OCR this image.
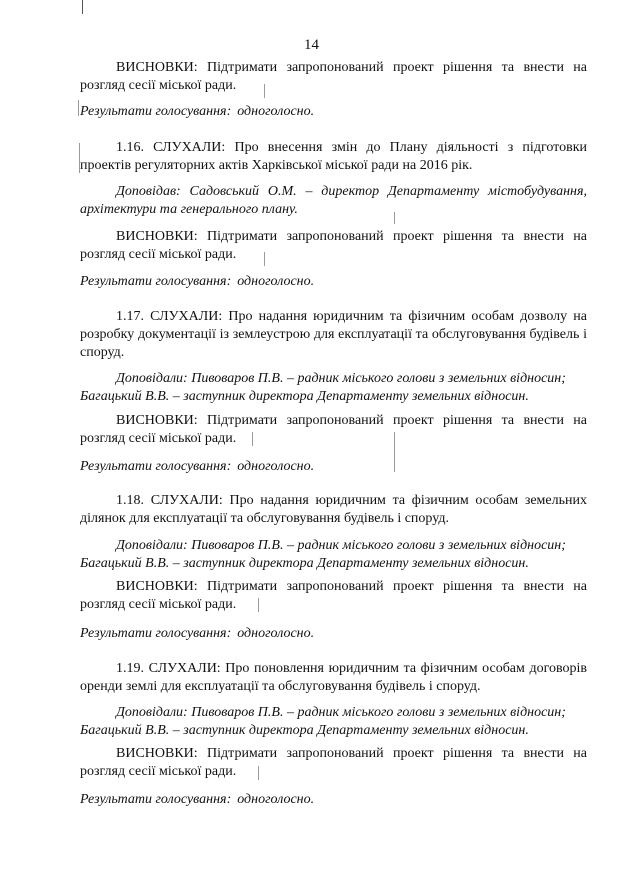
14

ВИСНОВКИ: Підтримати запропонований проект рішення та внести на розгляд сесії міської ради.

Результати голосування: одноголосно.

1.16. СЛУХАЛИ: Про внесення змін до Плану діяльності з підготовки проектів регуляторних актів Харківської міської ради на 2016 рік.

Доповідав: Садовський О.М. – директор Департаменту містобудування, архітектури та генерального плану.

ВИСНОВКИ: Підтримати запропонований проект рішення та внести на розгляд сесії міської ради.

Результати голосування: одноголосно.

1.17. СЛУХАЛИ: Про надання юридичним та фізичним особам дозволу на розробку документації із землеустрою для експлуатації та обслуговування будівель і споруд.

Доповідали: Пивоваров П.В. – радник міського голови з земельних відносин;

Багацький В.В. – заступник директора Департаменту земельних відносин.

ВИСНОВКИ: Підтримати запропонований проект рішення та внести на розгляд сесії міської ради.

Результати голосування: одноголосно.

1.18. СЛУХАЛИ: Про надання юридичним та фізичним особам земельних ділянок для експлуатації та обслуговування будівель і споруд.

Доповідали: Пивоваров П.В. – радник міського голови з земельних відносин;

Багацький В.В. – заступник директора Департаменту земельних відносин.

ВИСНОВКИ: Підтримати запропонований проект рішення та внести на розгляд сесії міської ради.

Результати голосування: одноголосно.

1.19. СЛУХАЛИ: Про поновлення юридичним та фізичним особам договорів оренди землі для експлуатації та обслуговування будівель і споруд.

Доповідали: Пивоваров П.В. – радник міського голови з земельних відносин;

Багацький В.В. – заступник директора Департаменту земельних відносин.

ВИСНОВКИ: Підтримати запропонований проект рішення та внести на розгляд сесії міської ради.

Результати голосування: одноголосно.
